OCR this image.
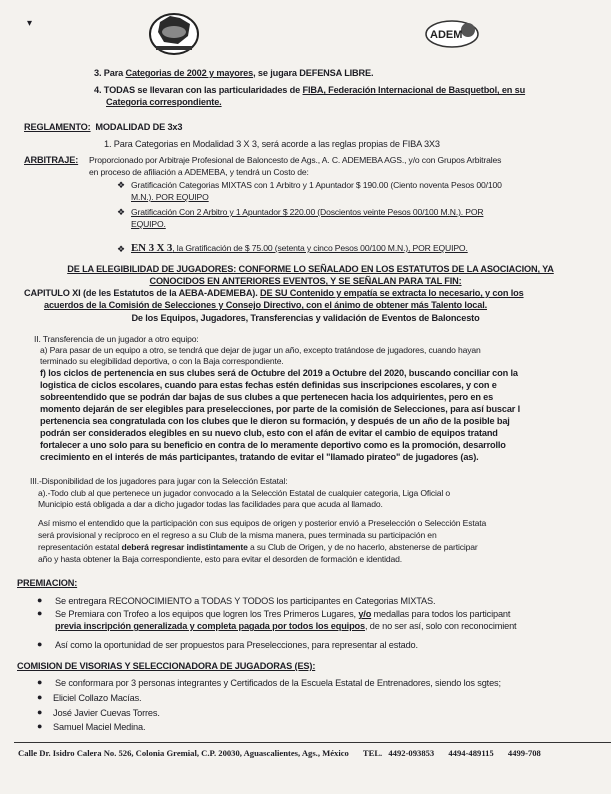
ADEM
▾
3. Para Categorias de 2002 y mayores, se jugara DEFENSA LIBRE.
4. TODAS se llevaran con las particularidades de FIBA, Federación Internacional de Basquetbol, en su
Categoria correspondiente.
REGLAMENTO: MODALIDAD DE 3x3
1. Para Categorias en Modalidad 3 X 3, será acorde a las reglas propias de FIBA 3X3
ARBITRAJE: Proporcionado por Arbitraje Profesional de Baloncesto de Ags., A. C. ADEMEBA AGS., y/o con Grupos Arbitrales
en proceso de afiliación a ADEMEBA, y tendrá un Costo de:
❖ Gratificación Categorias MIXTAS con 1 Arbitro y 1 Apuntador $ 190.00 (Ciento noventa Pesos 00/100
M.N.). POR EQUIPO
❖ Gratificación Con 2 Arbitro y 1 Apuntador $ 220.00 (Doscientos veinte Pesos 00/100 M.N.). POR
EQUIPO.
❖ EN 3 X 3, la Gratificación de $ 75.00 (setenta y cinco Pesos 00/100 M.N.), POR EQUIPO.
DE LA ELEGIBILIDAD DE JUGADORES: CONFORME LO SEÑALADO EN LOS ESTATUTOS DE LA ASOCIACION, YA
CONOCIDOS EN ANTERIORES EVENTOS, Y SE SEÑALAN PARA TAL FIN:
CAPITULO XI (de les Estatutos de la AEBA-ADEMEBA). DE SU Contenido y empatía se extracta lo necesario, y con los
acuerdos de la Comisión de Selecciones y Consejo Directivo, con el ánimo de obtener más Talento local.
De los Equipos, Jugadores, Transferencias y validación de Eventos de Baloncesto
II. Transferencia de un jugador a otro equipo:
a) Para pasar de un equipo a otro, se tendrá que dejar de jugar un año, excepto tratándose de jugadores, cuando hayan
terminado su elegibilidad deportiva, o con la Baja correspondiente.
f) los ciclos de pertenencia en sus clubes será de Octubre del 2019 a Octubre del 2020, buscando conciliar con la
logistica de ciclos escolares, cuando para estas fechas estén definidas sus inscripciones escolares, y con e
sobreentendido que se podrán dar bajas de sus clubes a que pertenecen hacia los adquirientes, pero en es
momento dejarán de ser elegibles para preselecciones, por parte de la comisión de Selecciones, para así buscar l
pertenencia sea congratulada con los clubes que le dieron su formación, y después de un año de la posible baj
podrán ser considerados elegibles en su nuevo club, esto con el afán de evitar el cambio de equipos tratand
fortalecer a uno solo para su beneficio en contra de lo meramente deportivo como es la promoción, desarrollo
crecimiento en el interés de más participantes, tratando de evitar el "llamado pirateo" de jugadores (as).
III.-Disponibilidad de los jugadores para jugar con la Selección Estatal:
a).-Todo club al que pertenece un jugador convocado a la Selección Estatal de cualquier categoria, Liga Oficial o
Municipio está obligada a dar a dicho jugador todas las facilidades para que acuda al llamado.
Así mismo el entendido que la participación con sus equipos de origen y posterior envió a Preselección o Selección Estata
será provisional y recíproco en el regreso a su Club de la misma manera, pues terminada su participación en
representación estatal deberá regresar indistintamente a su Club de Origen, y de no hacerlo, abstenerse de participar
año y hasta obtener la Baja correspondiente, esto para evitar el desorden de formación e identidad.
PREMIACION:
● Se entregara RECONOCIMIENTO a TODAS Y TODOS los participantes en Categorias MIXTAS.
● Se Premiara con Trofeo a los equipos que logren los Tres Primeros Lugares, y/o medallas para todos los participant
previa inscripción generalizada y completa pagada por todos los equipos, de no ser así, solo con reconocimient
● Así como la oportunidad de ser propuestos para Preselecciones, para representar al estado.
COMISION DE VISORIAS Y SELECCIONADORA DE JUGADORAS (ES):
● Se conformara por 3 personas integrantes y Certificados de la Escuela Estatal de Entrenadores, siendo los sgtes;
● Eliciel Collazo Macías.
● José Javier Cuevas Torres.
● Samuel Maciel Medina.
Calle Dr. Isidro Calera No. 526, Colonia Gremial, C.P. 20030, Aguascalientes, Ags., México TEL. 4492-093853 4494-489115 4499-708
